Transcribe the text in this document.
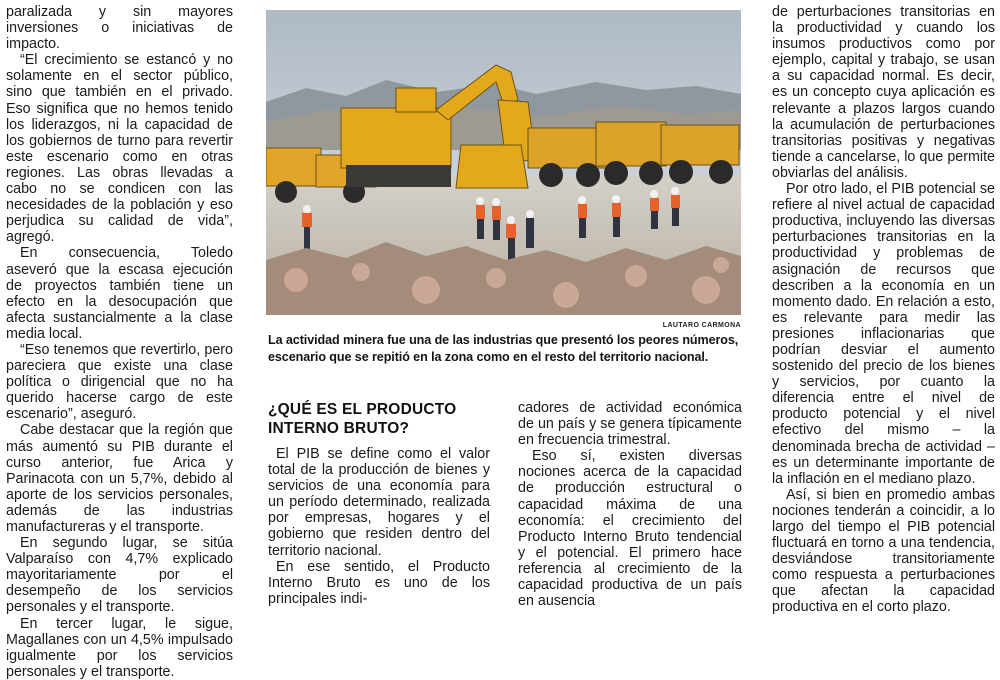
paralizada y sin mayores inversiones o iniciativas de impacto.

“El crecimiento se estancó y no solamente en el sector público, sino que también en el privado. Eso significa que no hemos tenido los liderazgos, ni la capacidad de los gobiernos de turno para revertir este escenario como en otras regiones. Las obras llevadas a cabo no se condicen con las necesidades de la población y eso perjudica su calidad de vida”, agregó.

En consecuencia, Toledo aseveró que la escasa ejecución de proyectos también tiene un efecto en la desocupación que afecta sustancialmente a la clase media local.

“Eso tenemos que revertirlo, pero pareciera que existe una clase política o dirigencial que no ha querido hacerse cargo de este escenario”, aseguró.

Cabe destacar que la región que más aumentó su PIB durante el curso anterior, fue Arica y Parinacota con un 5,7%, debido al aporte de los servicios personales, además de las industrias manufactureras y el transporte.

En segundo lugar, se sitúa Valparaíso con 4,7% explicado mayoritariamente por el desempeño de los servicios personales y el transporte.

En tercer lugar, le sigue, Magallanes con un 4,5% impulsado igualmente por los servicios personales y el transporte.

LAUTARO CARMONA
La actividad minera fue una de las industrias que presentó los peores números, escenario que se repitió en la zona como en el resto del territorio nacional.
¿QUÉ ES EL PRODUCTO
INTERNO BRUTO?

El PIB se define como el valor total de la producción de bienes y servicios de una economía para un período determinado, realizada por empresas, hogares y el gobierno que residen dentro del territorio nacional.

En ese sentido, el Producto Interno Bruto es uno de los principales indi-

cadores de actividad económica de un país y se genera típicamente en frecuencia trimestral.

Eso sí, existen diversas nociones acerca de la capacidad de producción estructural o capacidad máxima de una economía: el crecimiento del Producto Interno Bruto tendencial y el potencial. El primero hace referencia al crecimiento de la capacidad productiva de un país en ausencia

de perturbaciones transitorias en la productividad y cuando los insumos productivos como por ejemplo, capital y trabajo, se usan a su capacidad normal. Es decir, es un concepto cuya aplicación es relevante a plazos largos cuando la acumulación de perturbaciones transitorias positivas y negativas tiende a cancelarse, lo que permite obviarlas del análisis.

Por otro lado, el PIB potencial se refiere al nivel actual de capacidad productiva, incluyendo las diversas perturbaciones transitorias en la productividad y problemas de asignación de recursos que describen a la economía en un momento dado. En relación a esto, es relevante para medir las presiones inflacionarias que podrían desviar el aumento sostenido del precio de los bienes y servicios, por cuanto la diferencia entre el nivel de producto potencial y el nivel efectivo del mismo – la denominada brecha de actividad – es un determinante importante de la inflación en el mediano plazo.

Así, si bien en promedio ambas nociones tenderán a coincidir, a lo largo del tiempo el PIB potencial fluctuará en torno a una tendencia, desviándose transitoriamente como respuesta a perturbaciones que afectan la capacidad productiva en el corto plazo.
